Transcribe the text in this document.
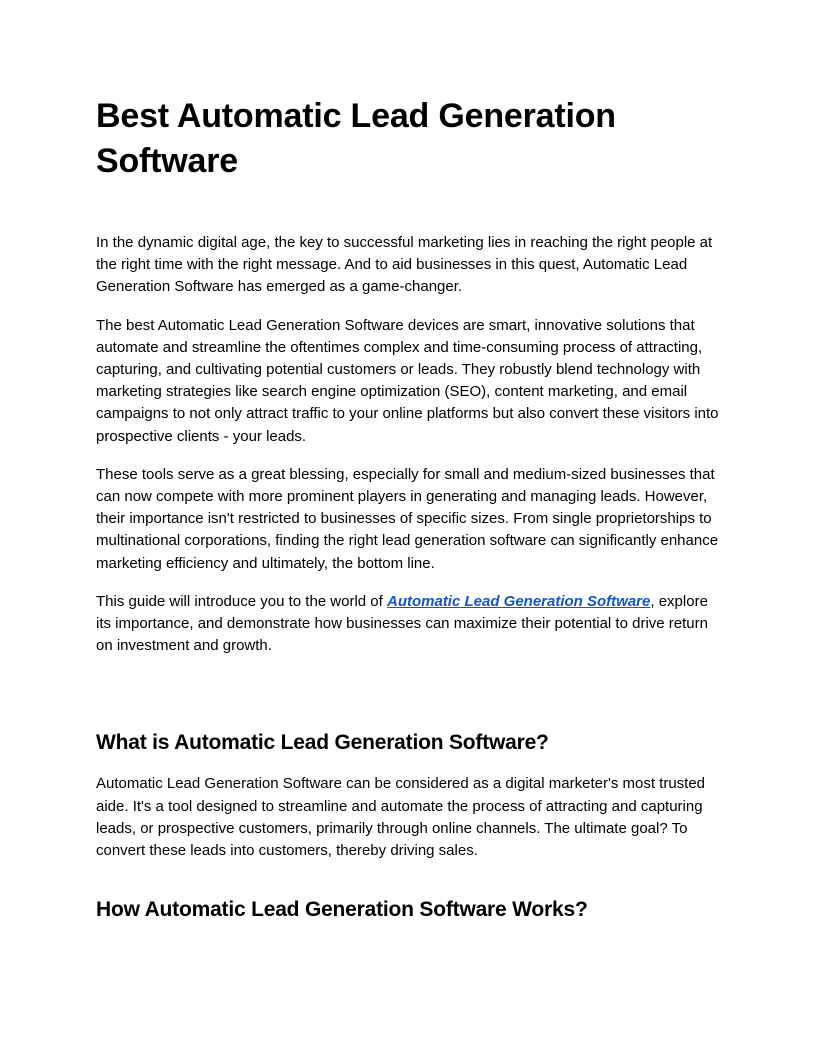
Best Automatic Lead Generation Software

In the dynamic digital age, the key to successful marketing lies in reaching the right people at the right time with the right message. And to aid businesses in this quest, Automatic Lead Generation Software has emerged as a game-changer.

The best Automatic Lead Generation Software devices are smart, innovative solutions that automate and streamline the oftentimes complex and time-consuming process of attracting, capturing, and cultivating potential customers or leads. They robustly blend technology with marketing strategies like search engine optimization (SEO), content marketing, and email campaigns to not only attract traffic to your online platforms but also convert these visitors into prospective clients - your leads.

These tools serve as a great blessing, especially for small and medium-sized businesses that can now compete with more prominent players in generating and managing leads. However, their importance isn't restricted to businesses of specific sizes. From single proprietorships to multinational corporations, finding the right lead generation software can significantly enhance marketing efficiency and ultimately, the bottom line.

This guide will introduce you to the world of Automatic Lead Generation Software, explore its importance, and demonstrate how businesses can maximize their potential to drive return on investment and growth.

What is Automatic Lead Generation Software?

Automatic Lead Generation Software can be considered as a digital marketer's most trusted aide. It's a tool designed to streamline and automate the process of attracting and capturing leads, or prospective customers, primarily through online channels. The ultimate goal? To convert these leads into customers, thereby driving sales.

How Automatic Lead Generation Software Works?
